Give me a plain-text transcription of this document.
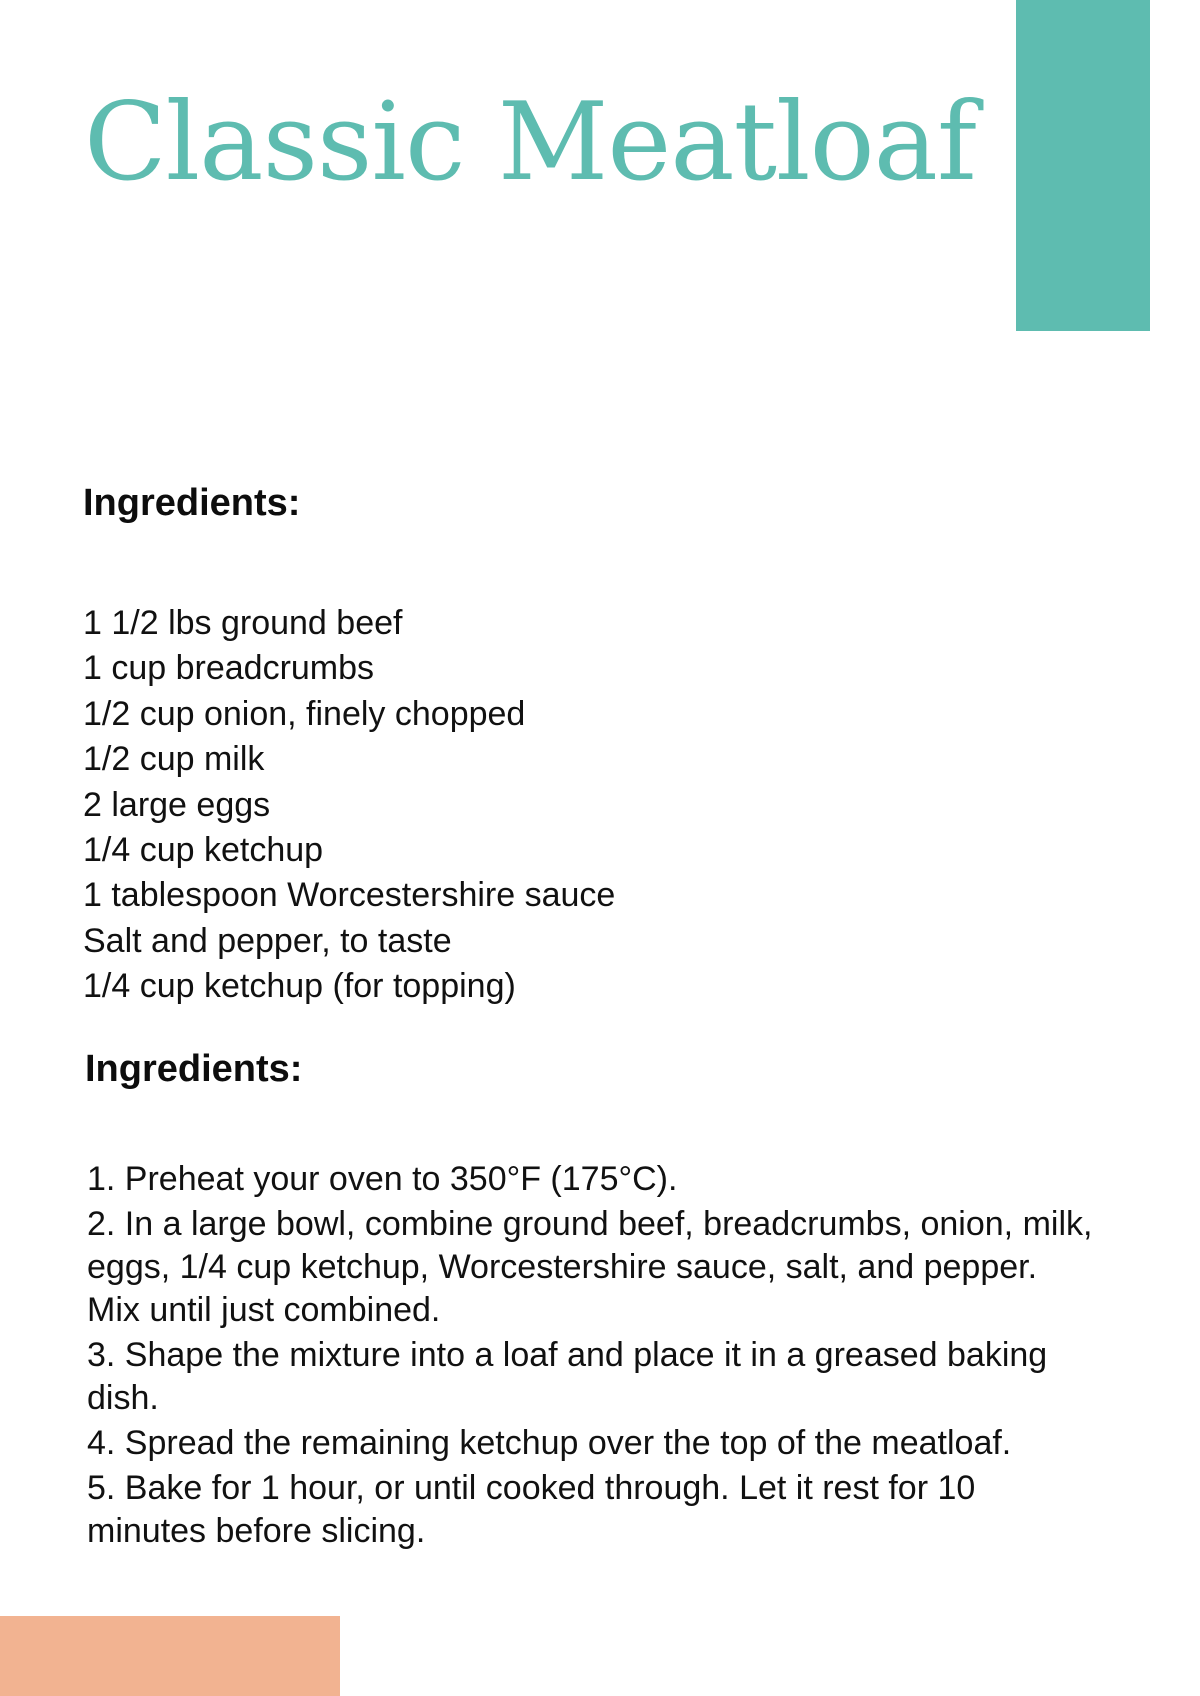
Classic Meatloaf
Ingredients:
1 1/2 lbs ground beef
1 cup breadcrumbs
1/2 cup onion, finely chopped
1/2 cup milk
2 large eggs
1/4 cup ketchup
1 tablespoon Worcestershire sauce
Salt and pepper, to taste
1/4 cup ketchup (for topping)
Ingredients:
1. Preheat your oven to 350°F (175°C).
2. In a large bowl, combine ground beef, breadcrumbs, onion, milk, eggs, 1/4 cup ketchup, Worcestershire sauce, salt, and pepper. Mix until just combined.
3. Shape the mixture into a loaf and place it in a greased baking dish.
4. Spread the remaining ketchup over the top of the meatloaf.
5. Bake for 1 hour, or until cooked through. Let it rest for 10 minutes before slicing.
